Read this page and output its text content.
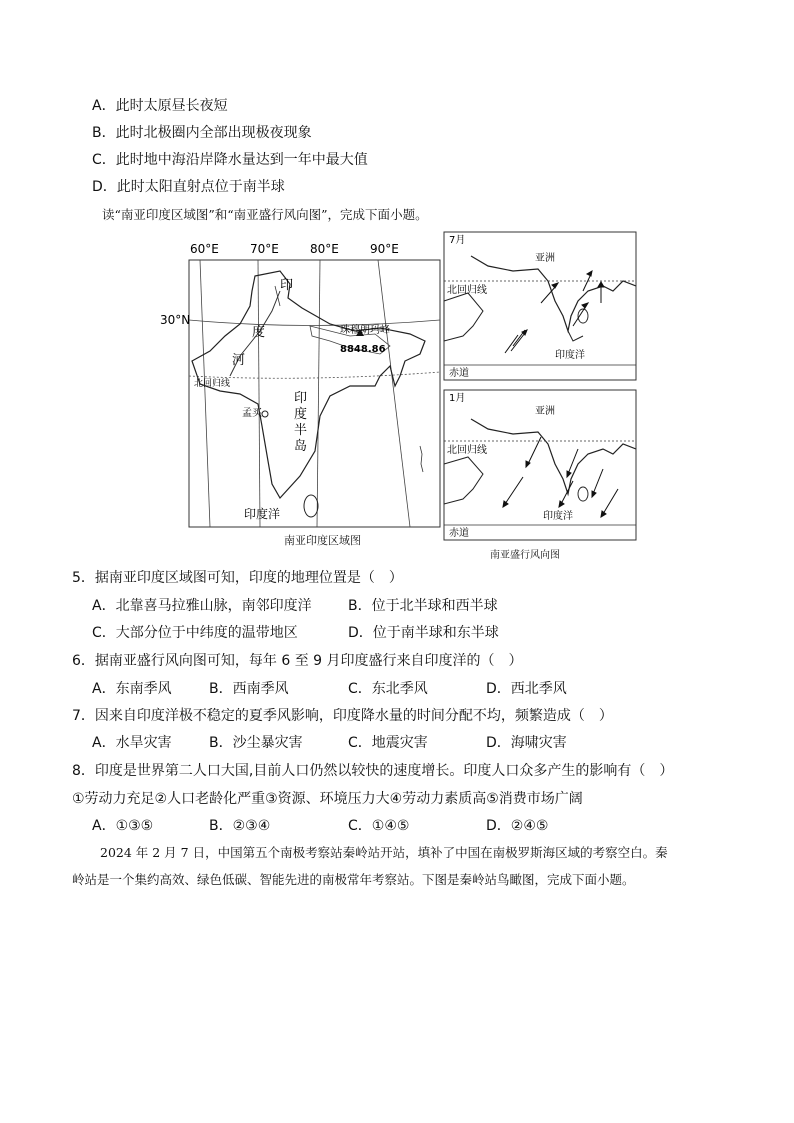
A．此时太原昼长夜短
B．此时北极圈内全部出现极夜现象
C．此时地中海沿岸降水量达到一年中最大值
D．此时太阳直射点位于南半球
读“南亚印度区域图”和“南亚盛行风向图”，完成下面小题。
60°E	70°E	80°E	90°E
30°N
北回归线
印
度
河
珠穆朗玛峰
8848.86
孟买
印度半岛
印度洋
南亚印度区域图
7月
北回归线
亚洲
赤道
印度洋
1月
北回归线
亚洲
赤道
印度洋
南亚盛行风向图
5．据南亚印度区域图可知，印度的地理位置是（　）
A．北靠喜马拉雅山脉，南邻印度洋	B．位于北半球和西半球
C．大部分位于中纬度的温带地区	D．位于南半球和东半球
6．据南亚盛行风向图可知，每年 6 至 9 月印度盛行来自印度洋的（　）
A．东南季风	B．西南季风	C．东北季风	D．西北季风
7．因来自印度洋极不稳定的夏季风影响，印度降水量的时间分配不均，频繁造成（　）
A．水旱灾害	B．沙尘暴灾害	C．地震灾害	D．海啸灾害
8．印度是世界第二人口大国,目前人口仍然以较快的速度增长。印度人口众多产生的影响有（　）
①劳动力充足②人口老龄化严重③资源、环境压力大④劳动力素质高⑤消费市场广阔
A．①③⑤	B．②③④	C．①④⑤	D．②④⑤
2024 年 2 月 7 日，中国第五个南极考察站秦岭站开站，填补了中国在南极罗斯海区域的考察空白。秦
岭站是一个集约高效、绿色低碳、智能先进的南极常年考察站。下图是秦岭站鸟瞰图，完成下面小题。
